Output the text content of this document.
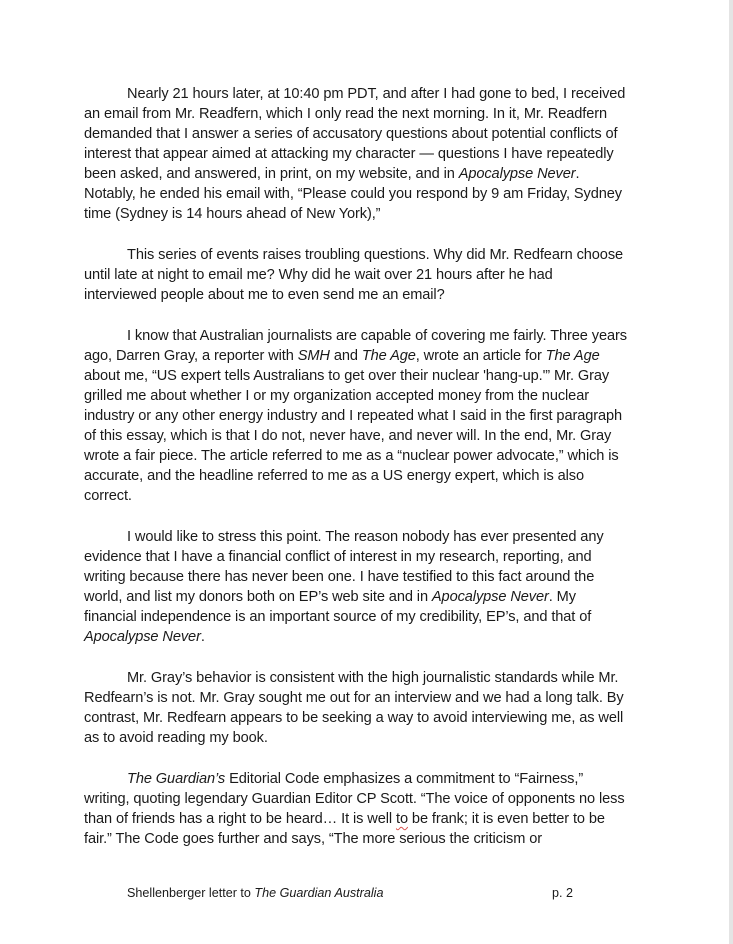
Nearly 21 hours later, at 10:40 pm PDT, and after I had gone to bed, I received an email from Mr. Readfern, which I only read the next morning. In it, Mr. Readfern demanded that I answer a series of accusatory questions about potential conflicts of interest that appear aimed at attacking my character — questions I have repeatedly been asked, and answered, in print, on my website, and in Apocalypse Never. Notably, he ended his email with, “Please could you respond by 9 am Friday, Sydney time (Sydney is 14 hours ahead of New York),”

This series of events raises troubling questions. Why did Mr. Redfearn choose until late at night to email me? Why did he wait over 21 hours after he had interviewed people about me to even send me an email?

I know that Australian journalists are capable of covering me fairly. Three years ago, Darren Gray, a reporter with SMH and The Age, wrote an article for The Age about me, “US expert tells Australians to get over their nuclear 'hang-up.'” Mr. Gray grilled me about whether I or my organization accepted money from the nuclear industry or any other energy industry and I repeated what I said in the first paragraph of this essay, which is that I do not, never have, and never will. In the end, Mr. Gray wrote a fair piece. The article referred to me as a “nuclear power advocate,” which is accurate, and the headline referred to me as a US energy expert, which is also correct.

I would like to stress this point. The reason nobody has ever presented any evidence that I have a financial conflict of interest in my research, reporting, and writing because there has never been one. I have testified to this fact around the world, and list my donors both on EP’s web site and in Apocalypse Never. My financial independence is an important source of my credibility, EP’s, and that of Apocalypse Never.

Mr. Gray’s behavior is consistent with the high journalistic standards while Mr. Redfearn’s is not. Mr. Gray sought me out for an interview and we had a long talk. By contrast, Mr. Redfearn appears to be seeking a way to avoid interviewing me, as well as to avoid reading my book.

The Guardian’s Editorial Code emphasizes a commitment to “Fairness,” writing, quoting legendary Guardian Editor CP Scott. “The voice of opponents no less than of friends has a right to be heard… It is well to be frank; it is even better to be fair.” The Code goes further and says, “The more serious the criticism or

Shellenberger letter to The Guardian Australia	p. 2
